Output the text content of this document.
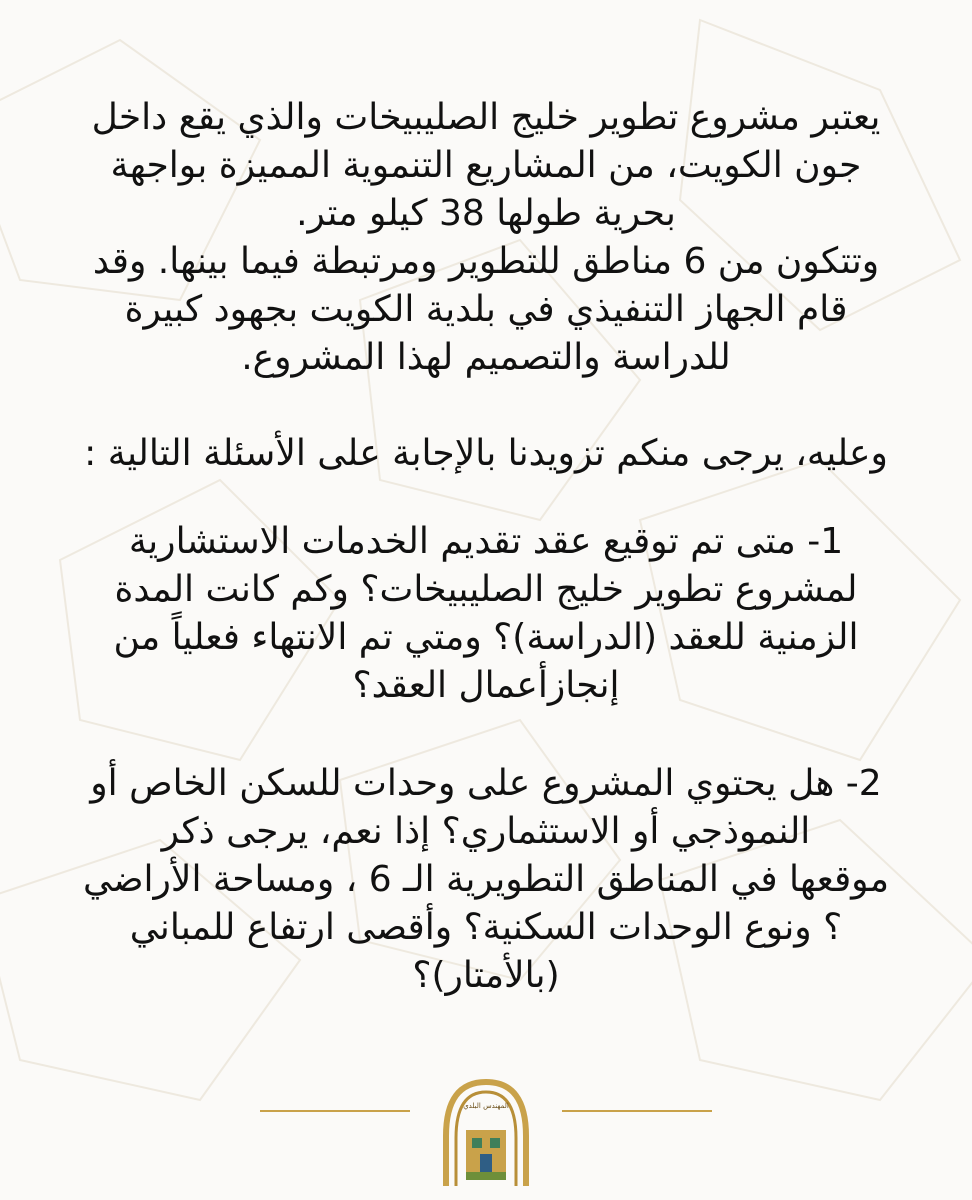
يعتبر مشروع تطوير خليج الصليبيخات والذي يقع داخل
جون الكويت، من المشاريع التنموية المميزة بواجهة
بحرية طولها 38 كيلو متر.
وتتكون من 6 مناطق للتطوير ومرتبطة فيما بينها. وقد
قام الجهاز التنفيذي في بلدية الكويت بجهود كبيرة
للدراسة والتصميم لهذا المشروع.

وعليه، يرجى منكم تزويدنا بالإجابة على الأسئلة التالية :

1- متى تم توقيع عقد تقديم الخدمات الاستشارية
لمشروع تطوير خليج الصليبيخات؟ وكم كانت المدة
الزمنية للعقد (الدراسة)؟ ومتي تم الانتهاء فعلياً من
إنجازأعمال العقد؟

2- هل يحتوي المشروع على وحدات للسكن الخاص أو
النموذجي أو الاستثماري؟ إذا نعم، يرجى ذكر
موقعها في المناطق التطويرية الـ 6 ، ومساحة الأراضي
؟ ونوع الوحدات السكنية؟ وأقصى ارتفاع للمباني
(بالأمتار)؟

المهندس البلدي
